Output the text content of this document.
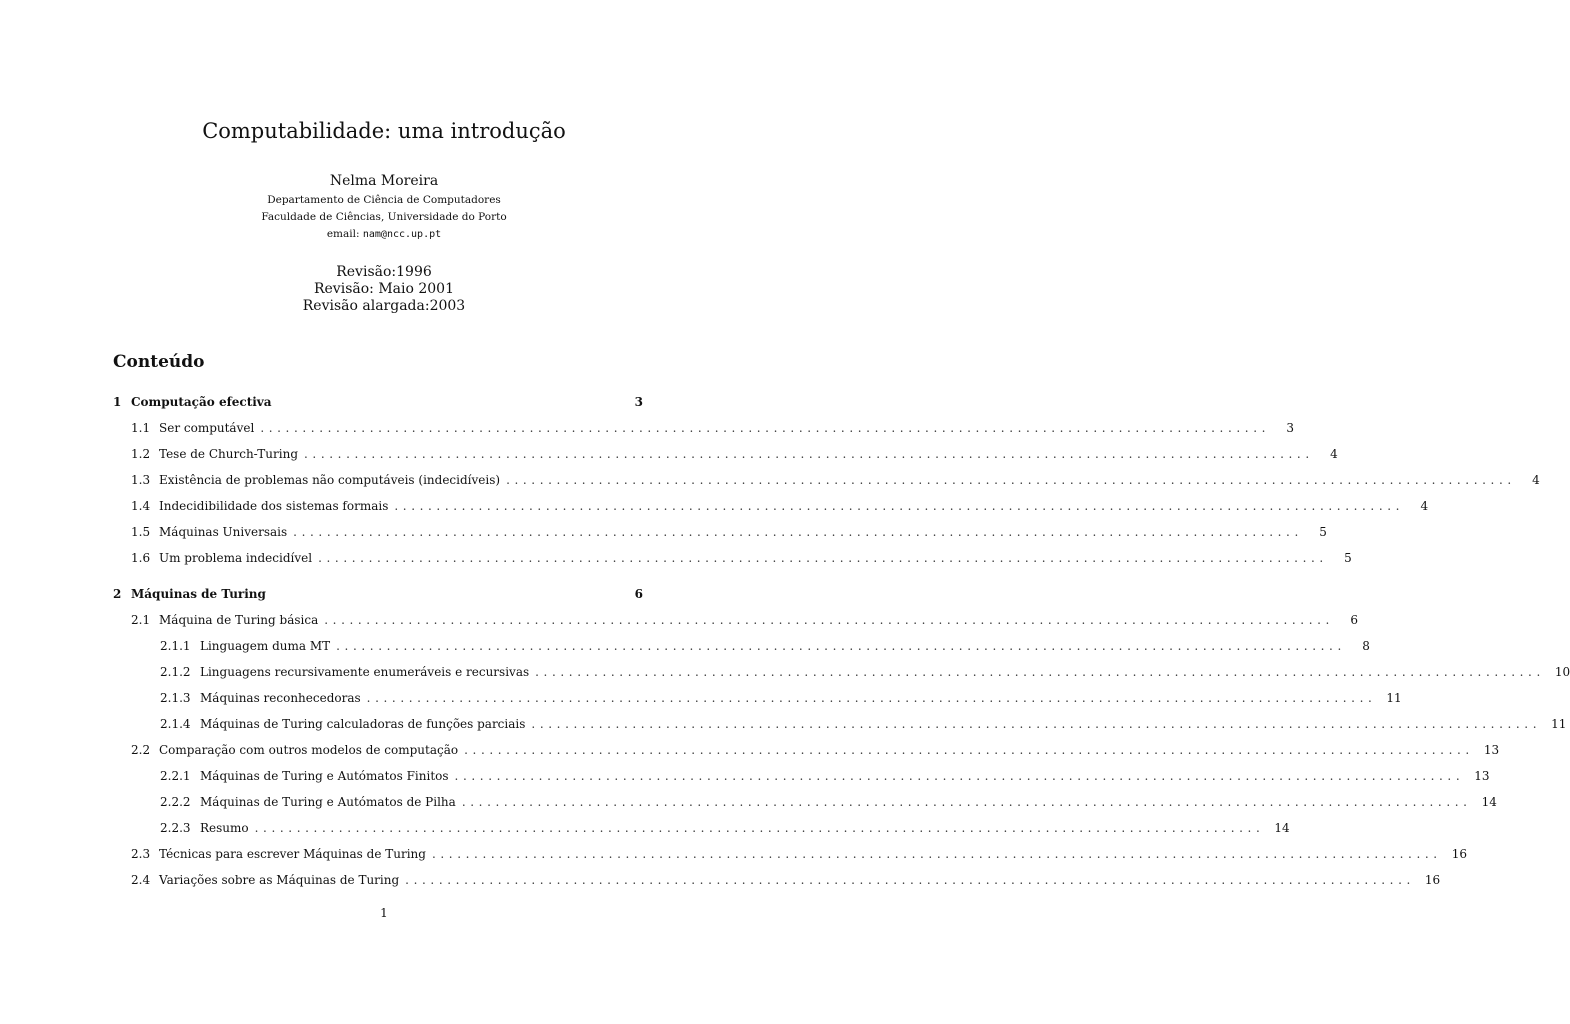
Computabilidade: uma introdução
Nelma Moreira
Departamento de Ciência de Computadores
Faculdade de Ciências, Universidade do Porto
email: nam@ncc.up.pt
Revisão:1996
Revisão: Maio 2001
Revisão alargada:2003
Conteúdo
1 Computação efectiva	3
1.1 Ser computável ........................................................................................................................	3
1.2 Tese de Church-Turing ........................................................................................................................	4
1.3 Existência de problemas não computáveis (indecidíveis) ........................................................................................................................	4
1.4 Indecidibilidade dos sistemas formais ........................................................................................................................	4
1.5 Máquinas Universais ........................................................................................................................	5
1.6 Um problema indecidível ........................................................................................................................	5
2 Máquinas de Turing	6
2.1 Máquina de Turing básica ........................................................................................................................	6
2.1.1 Linguagem duma MT ........................................................................................................................	8
2.1.2 Linguagens recursivamente enumeráveis e recursivas ........................................................................................................................ 10
2.1.3 Máquinas reconhecedoras ........................................................................................................................ 11
2.1.4 Máquinas de Turing calculadoras de funções parciais ........................................................................................................................ 11
2.2 Comparação com outros modelos de computação ........................................................................................................................ 13
2.2.1 Máquinas de Turing e Autómatos Finitos ........................................................................................................................ 13
2.2.2 Máquinas de Turing e Autómatos de Pilha ........................................................................................................................ 14
2.2.3 Resumo ........................................................................................................................ 14
2.3 Técnicas para escrever Máquinas de Turing ........................................................................................................................ 16
2.4 Variações sobre as Máquinas de Turing ........................................................................................................................ 16
1
